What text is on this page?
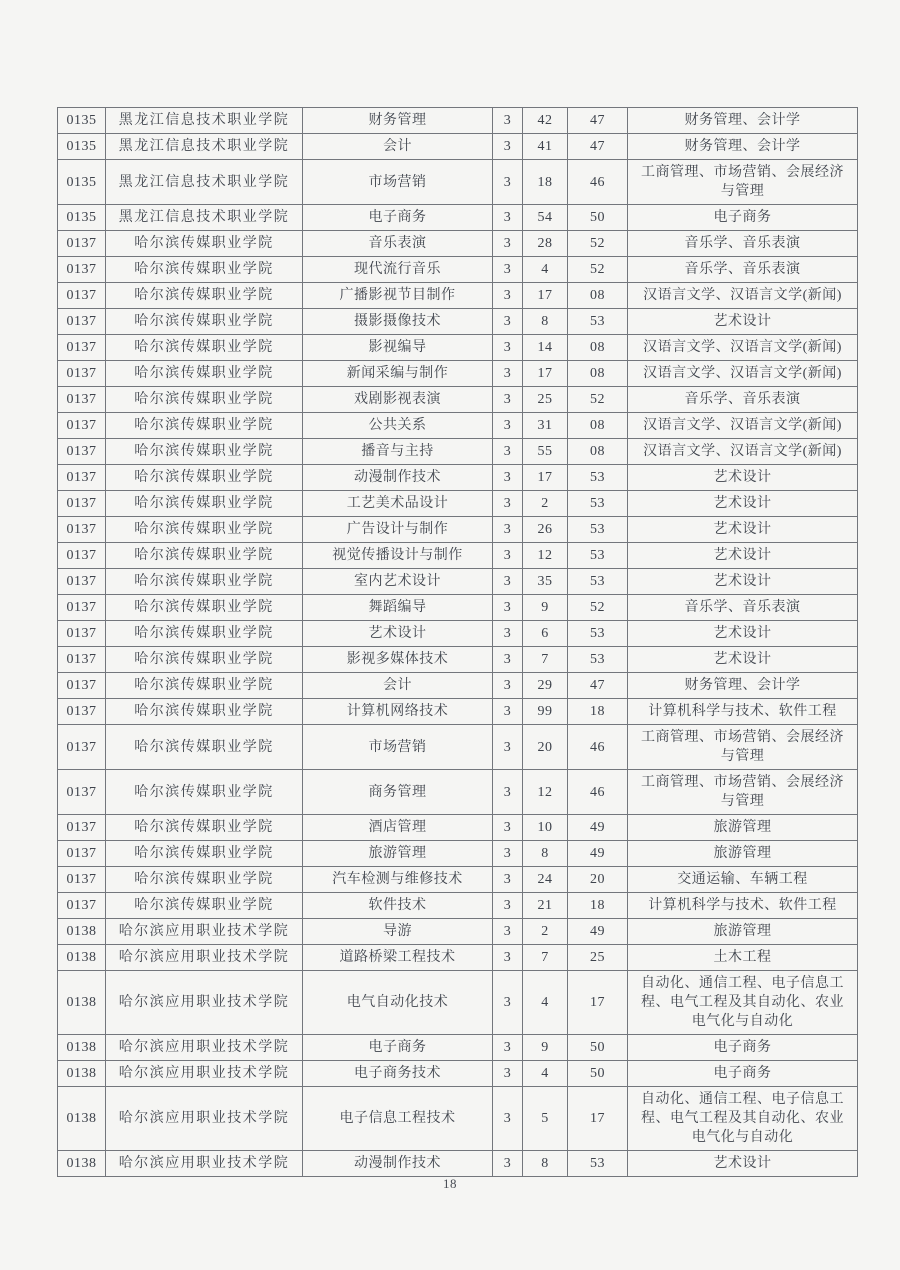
0135	黑龙江信息技术职业学院	财务管理	3	42	47	财务管理、会计学
0135	黑龙江信息技术职业学院	会计	3	41	47	财务管理、会计学
0135	黑龙江信息技术职业学院	市场营销	3	18	46	工商管理、市场营销、会展经济与管理
0135	黑龙江信息技术职业学院	电子商务	3	54	50	电子商务
0137	哈尔滨传媒职业学院	音乐表演	3	28	52	音乐学、音乐表演
0137	哈尔滨传媒职业学院	现代流行音乐	3	4	52	音乐学、音乐表演
0137	哈尔滨传媒职业学院	广播影视节目制作	3	17	08	汉语言文学、汉语言文学(新闻)
0137	哈尔滨传媒职业学院	摄影摄像技术	3	8	53	艺术设计
0137	哈尔滨传媒职业学院	影视编导	3	14	08	汉语言文学、汉语言文学(新闻)
0137	哈尔滨传媒职业学院	新闻采编与制作	3	17	08	汉语言文学、汉语言文学(新闻)
0137	哈尔滨传媒职业学院	戏剧影视表演	3	25	52	音乐学、音乐表演
0137	哈尔滨传媒职业学院	公共关系	3	31	08	汉语言文学、汉语言文学(新闻)
0137	哈尔滨传媒职业学院	播音与主持	3	55	08	汉语言文学、汉语言文学(新闻)
0137	哈尔滨传媒职业学院	动漫制作技术	3	17	53	艺术设计
0137	哈尔滨传媒职业学院	工艺美术品设计	3	2	53	艺术设计
0137	哈尔滨传媒职业学院	广告设计与制作	3	26	53	艺术设计
0137	哈尔滨传媒职业学院	视觉传播设计与制作	3	12	53	艺术设计
0137	哈尔滨传媒职业学院	室内艺术设计	3	35	53	艺术设计
0137	哈尔滨传媒职业学院	舞蹈编导	3	9	52	音乐学、音乐表演
0137	哈尔滨传媒职业学院	艺术设计	3	6	53	艺术设计
0137	哈尔滨传媒职业学院	影视多媒体技术	3	7	53	艺术设计
0137	哈尔滨传媒职业学院	会计	3	29	47	财务管理、会计学
0137	哈尔滨传媒职业学院	计算机网络技术	3	99	18	计算机科学与技术、软件工程
0137	哈尔滨传媒职业学院	市场营销	3	20	46	工商管理、市场营销、会展经济与管理
0137	哈尔滨传媒职业学院	商务管理	3	12	46	工商管理、市场营销、会展经济与管理
0137	哈尔滨传媒职业学院	酒店管理	3	10	49	旅游管理
0137	哈尔滨传媒职业学院	旅游管理	3	8	49	旅游管理
0137	哈尔滨传媒职业学院	汽车检测与维修技术	3	24	20	交通运输、车辆工程
0137	哈尔滨传媒职业学院	软件技术	3	21	18	计算机科学与技术、软件工程
0138	哈尔滨应用职业技术学院	导游	3	2	49	旅游管理
0138	哈尔滨应用职业技术学院	道路桥梁工程技术	3	7	25	土木工程
0138	哈尔滨应用职业技术学院	电气自动化技术	3	4	17	自动化、通信工程、电子信息工程、电气工程及其自动化、农业电气化与自动化
0138	哈尔滨应用职业技术学院	电子商务	3	9	50	电子商务
0138	哈尔滨应用职业技术学院	电子商务技术	3	4	50	电子商务
0138	哈尔滨应用职业技术学院	电子信息工程技术	3	5	17	自动化、通信工程、电子信息工程、电气工程及其自动化、农业电气化与自动化
0138	哈尔滨应用职业技术学院	动漫制作技术	3	8	53	艺术设计
18
